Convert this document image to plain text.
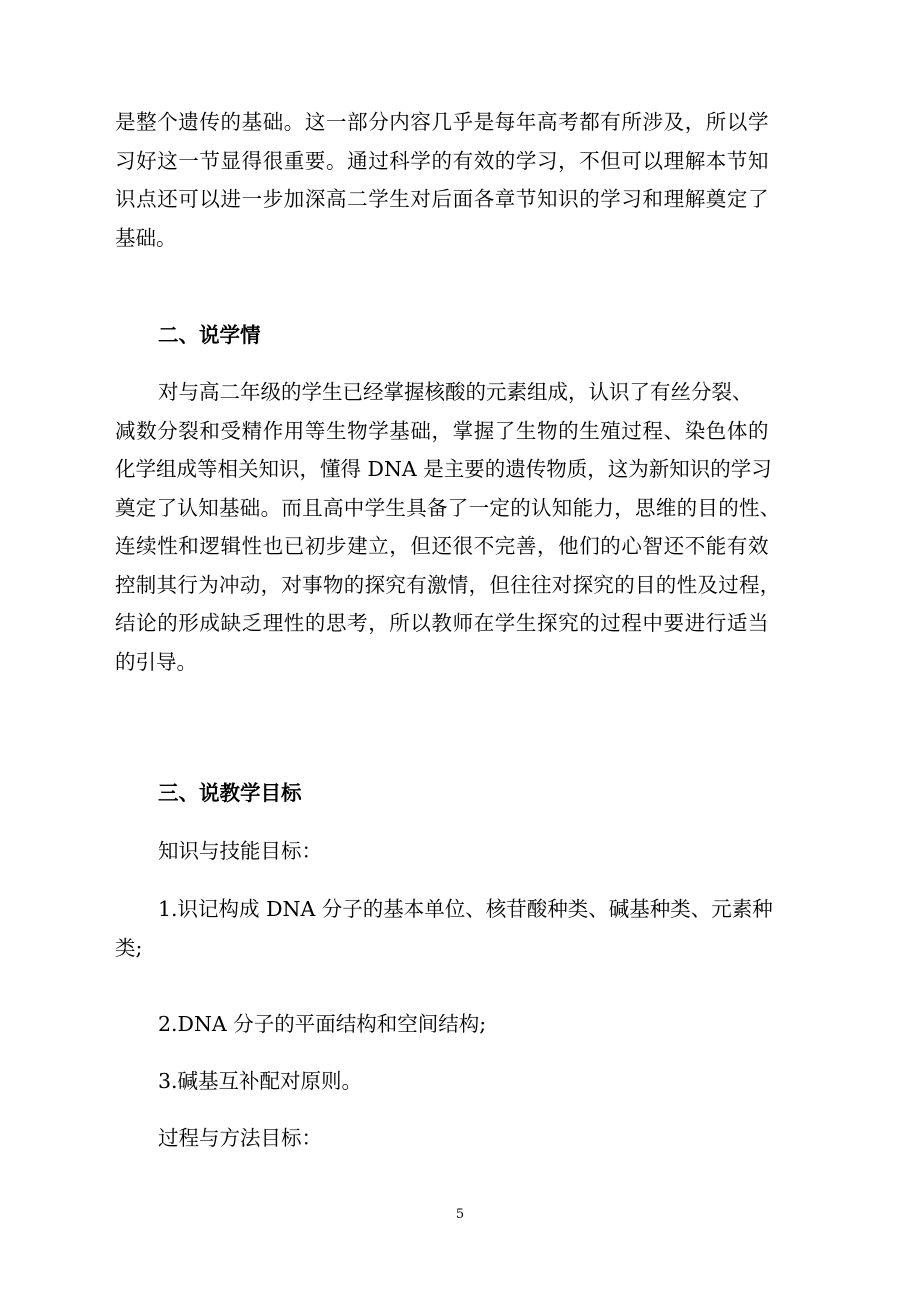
是整个遗传的基础。这一部分内容几乎是每年高考都有所涉及，所以学
习好这一节显得很重要。通过科学的有效的学习，不但可以理解本节知
识点还可以进一步加深高二学生对后面各章节知识的学习和理解奠定了
基础。
二、说学情
对与高二年级的学生已经掌握核酸的元素组成，认识了有丝分裂、
减数分裂和受精作用等生物学基础，掌握了生物的生殖过程、染色体的
化学组成等相关知识，懂得 DNA 是主要的遗传物质，这为新知识的学习
奠定了认知基础。而且高中学生具备了一定的认知能力，思维的目的性、
连续性和逻辑性也已初步建立，但还很不完善，他们的心智还不能有效
控制其行为冲动，对事物的探究有激情，但往往对探究的目的性及过程，
结论的形成缺乏理性的思考，所以教师在学生探究的过程中要进行适当
的引导。
三、说教学目标
知识与技能目标：
1.识记构成 DNA 分子的基本单位、核苷酸种类、碱基种类、元素种
类;
2.DNA 分子的平面结构和空间结构;
3.碱基互补配对原则。
过程与方法目标：
5
